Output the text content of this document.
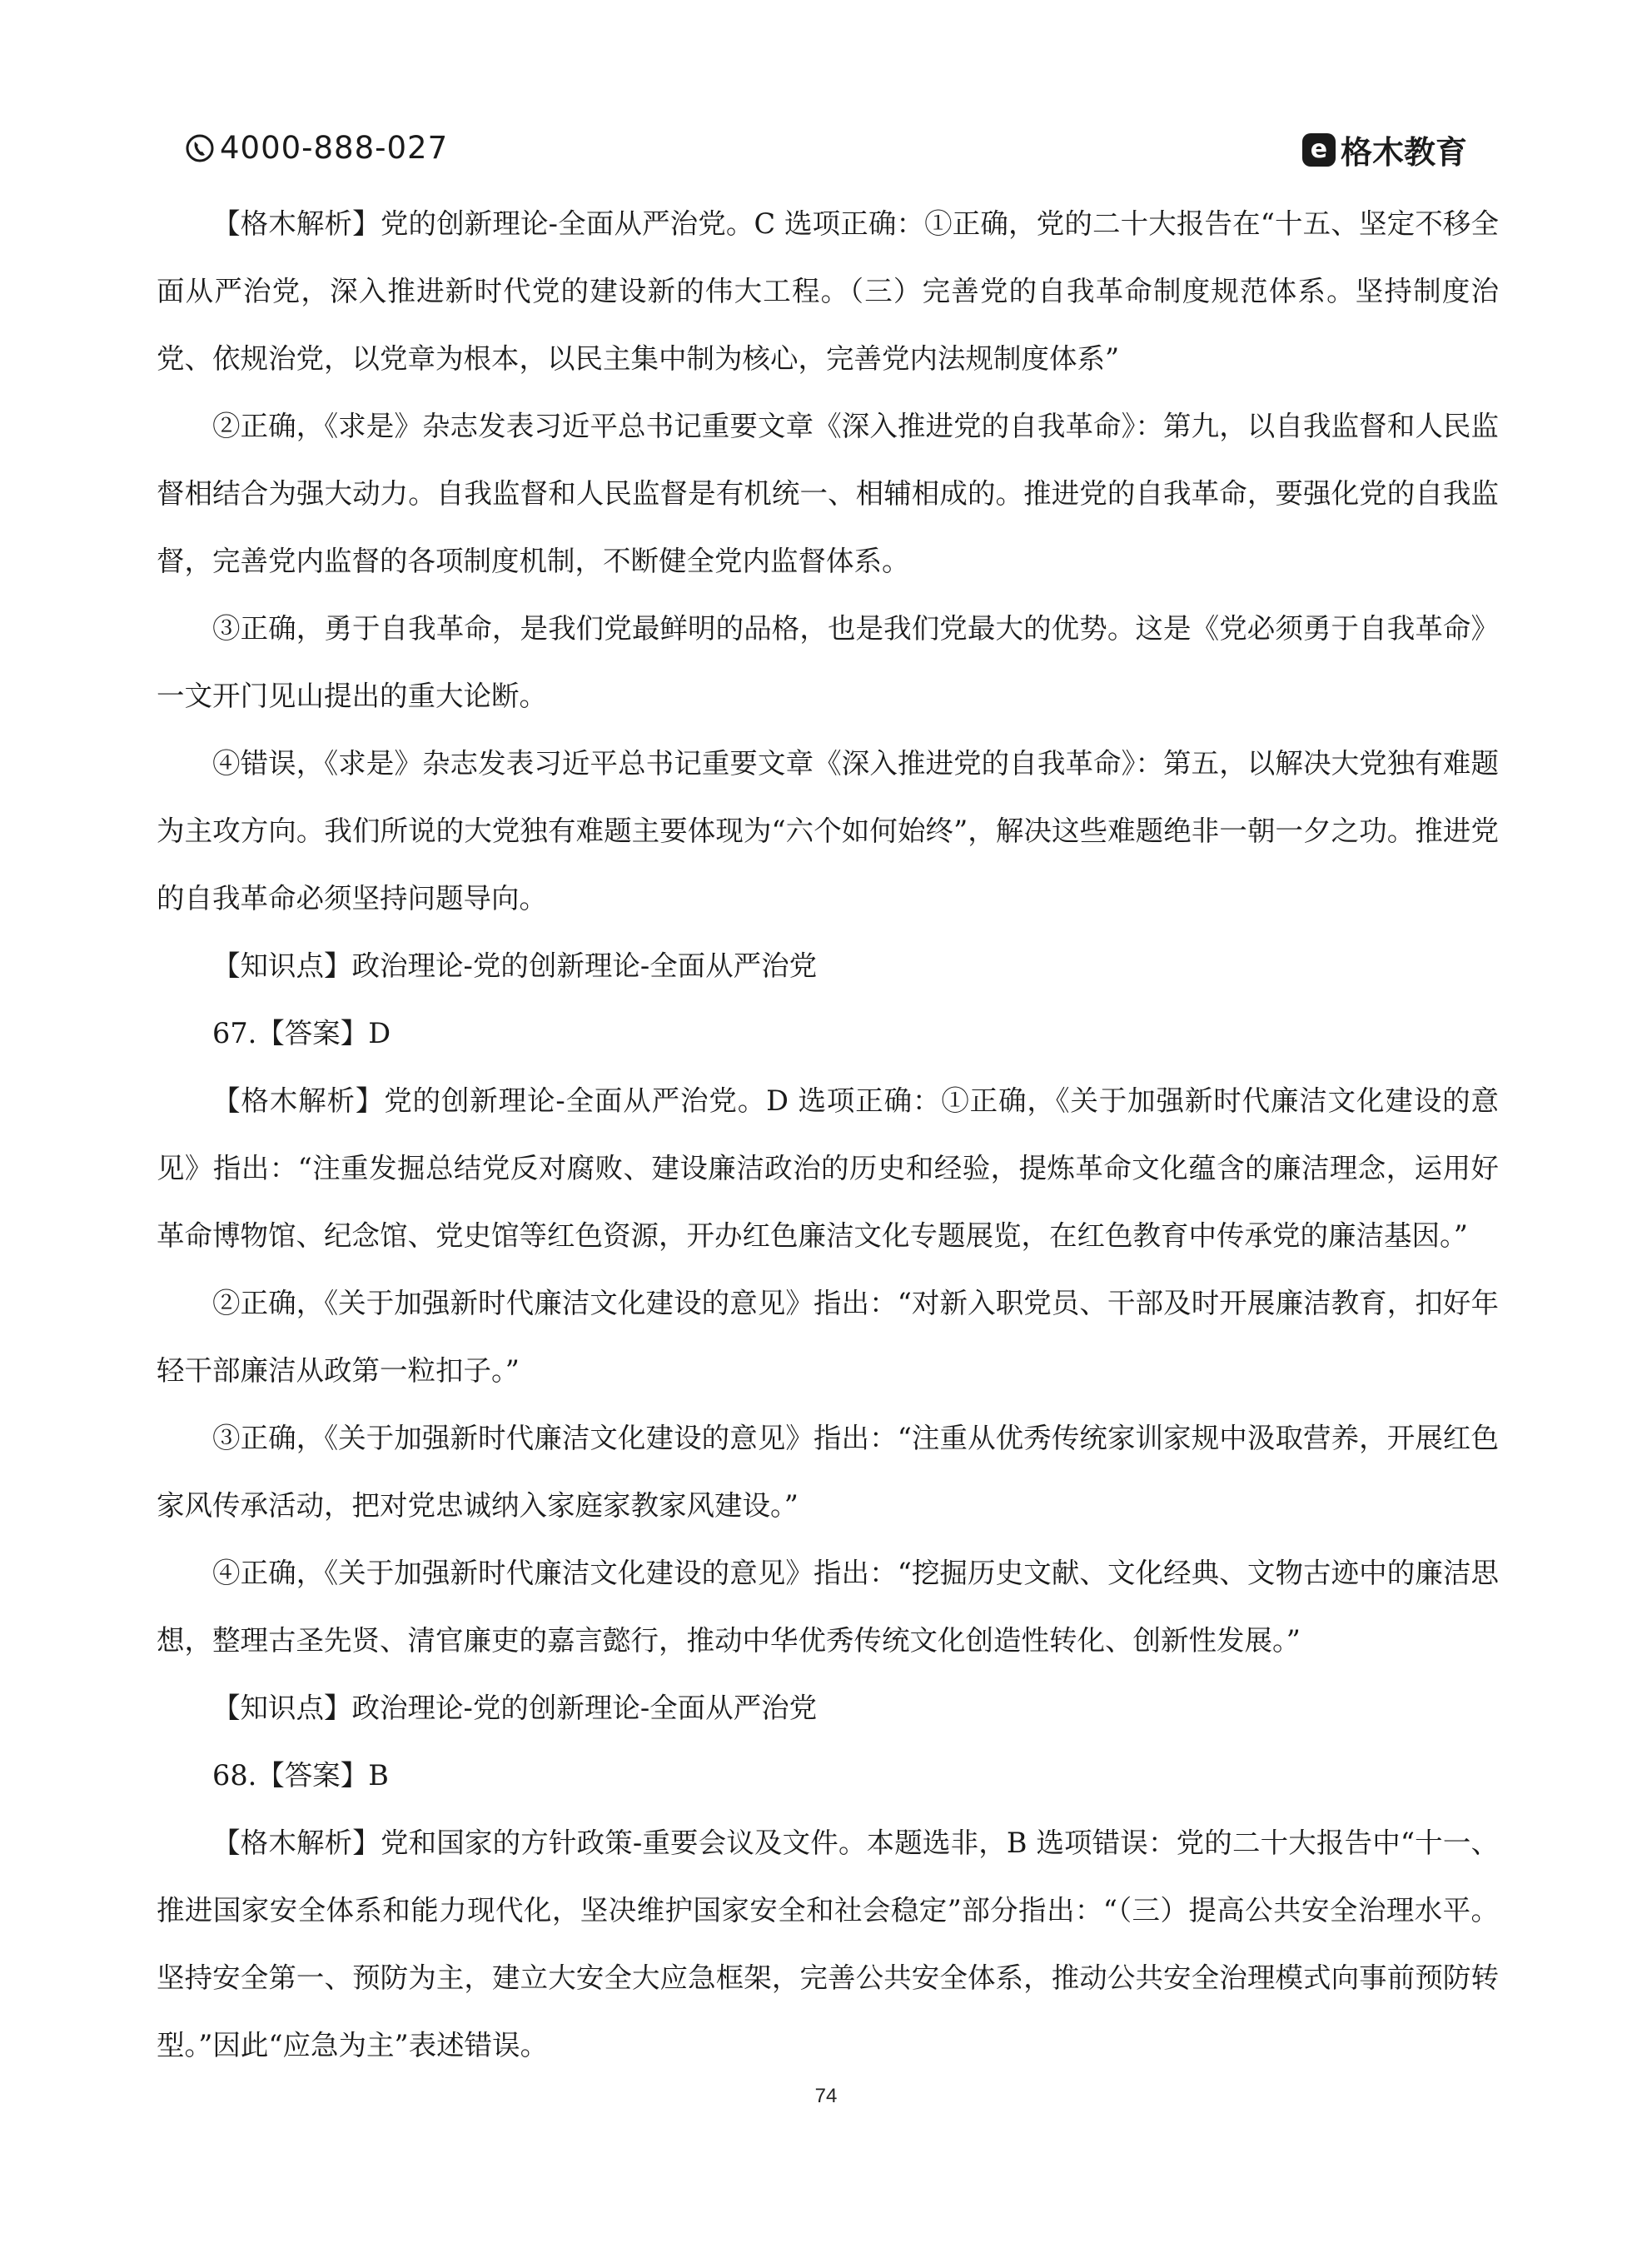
4000-888-027	e 格木教育

【格木解析】党的创新理论-全面从严治党。C 选项正确：①正确，党的二十大报告在“十五、坚定不移全面从严治党，深入推进新时代党的建设新的伟大工程。（三）完善党的自我革命制度规范体系。坚持制度治党、依规治党，以党章为根本，以民主集中制为核心，完善党内法规制度体系”

②正确，《求是》杂志发表习近平总书记重要文章《深入推进党的自我革命》：第九，以自我监督和人民监督相结合为强大动力。自我监督和人民监督是有机统一、相辅相成的。推进党的自我革命，要强化党的自我监督，完善党内监督的各项制度机制，不断健全党内监督体系。

③正确，勇于自我革命，是我们党最鲜明的品格，也是我们党最大的优势。这是《党必须勇于自我革命》一文开门见山提出的重大论断。

④错误，《求是》杂志发表习近平总书记重要文章《深入推进党的自我革命》：第五，以解决大党独有难题为主攻方向。我们所说的大党独有难题主要体现为“六个如何始终”，解决这些难题绝非一朝一夕之功。推进党的自我革命必须坚持问题导向。

【知识点】政治理论-党的创新理论-全面从严治党

67.【答案】D

【格木解析】党的创新理论-全面从严治党。D 选项正确：①正确，《关于加强新时代廉洁文化建设的意见》指出：“注重发掘总结党反对腐败、建设廉洁政治的历史和经验，提炼革命文化蕴含的廉洁理念，运用好革命博物馆、纪念馆、党史馆等红色资源，开办红色廉洁文化专题展览，在红色教育中传承党的廉洁基因。”

②正确，《关于加强新时代廉洁文化建设的意见》指出：“对新入职党员、干部及时开展廉洁教育，扣好年轻干部廉洁从政第一粒扣子。”

③正确，《关于加强新时代廉洁文化建设的意见》指出：“注重从优秀传统家训家规中汲取营养，开展红色家风传承活动，把对党忠诚纳入家庭家教家风建设。”

④正确，《关于加强新时代廉洁文化建设的意见》指出：“挖掘历史文献、文化经典、文物古迹中的廉洁思想，整理古圣先贤、清官廉吏的嘉言懿行，推动中华优秀传统文化创造性转化、创新性发展。”

【知识点】政治理论-党的创新理论-全面从严治党

68.【答案】B

【格木解析】党和国家的方针政策-重要会议及文件。本题选非，B 选项错误：党的二十大报告中“十一、推进国家安全体系和能力现代化，坚决维护国家安全和社会稳定”部分指出：“（三）提高公共安全治理水平。坚持安全第一、预防为主，建立大安全大应急框架，完善公共安全体系，推动公共安全治理模式向事前预防转型。”因此“应急为主”表述错误。

74
